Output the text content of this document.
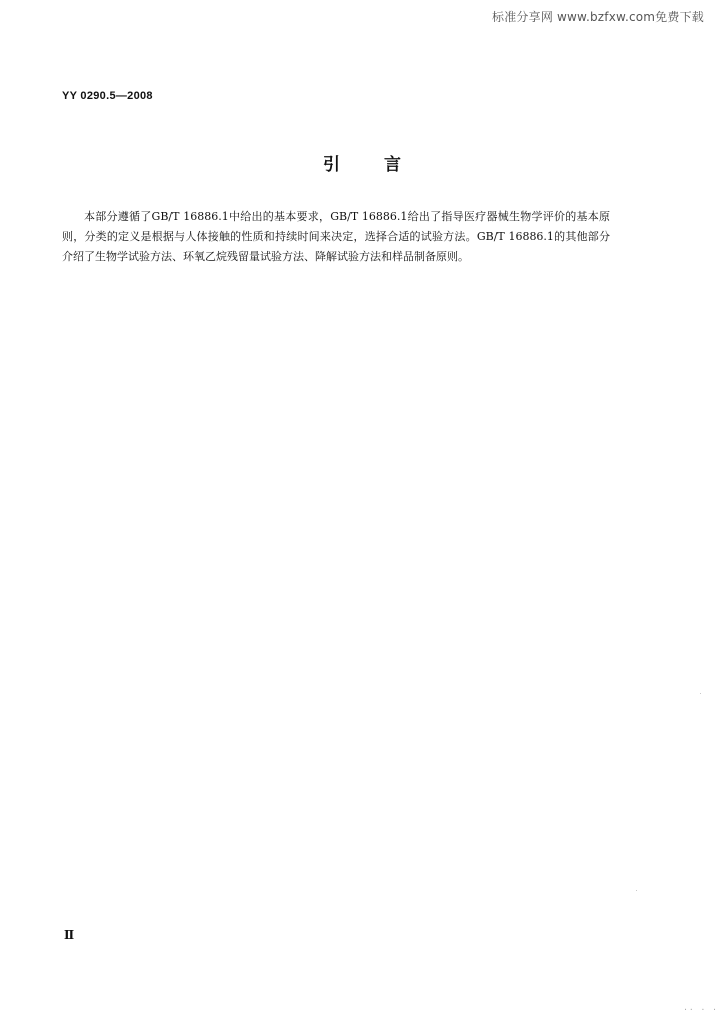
标准分享网 www.bzfxw.com免费下载
YY 0290.5—2008
引言

本部分遵循了GB/T 16886.1中给出的基本要求，GB/T 16886.1给出了指导医疗器械生物学评价的基本原则，分类的定义是根据与人体接触的性质和持续时间来决定，选择合适的试验方法。GB/T 16886.1的其他部分介绍了生物学试验方法、环氧乙烷残留量试验方法、降解试验方法和样品制备原则。

Ⅱ
·· · ·
